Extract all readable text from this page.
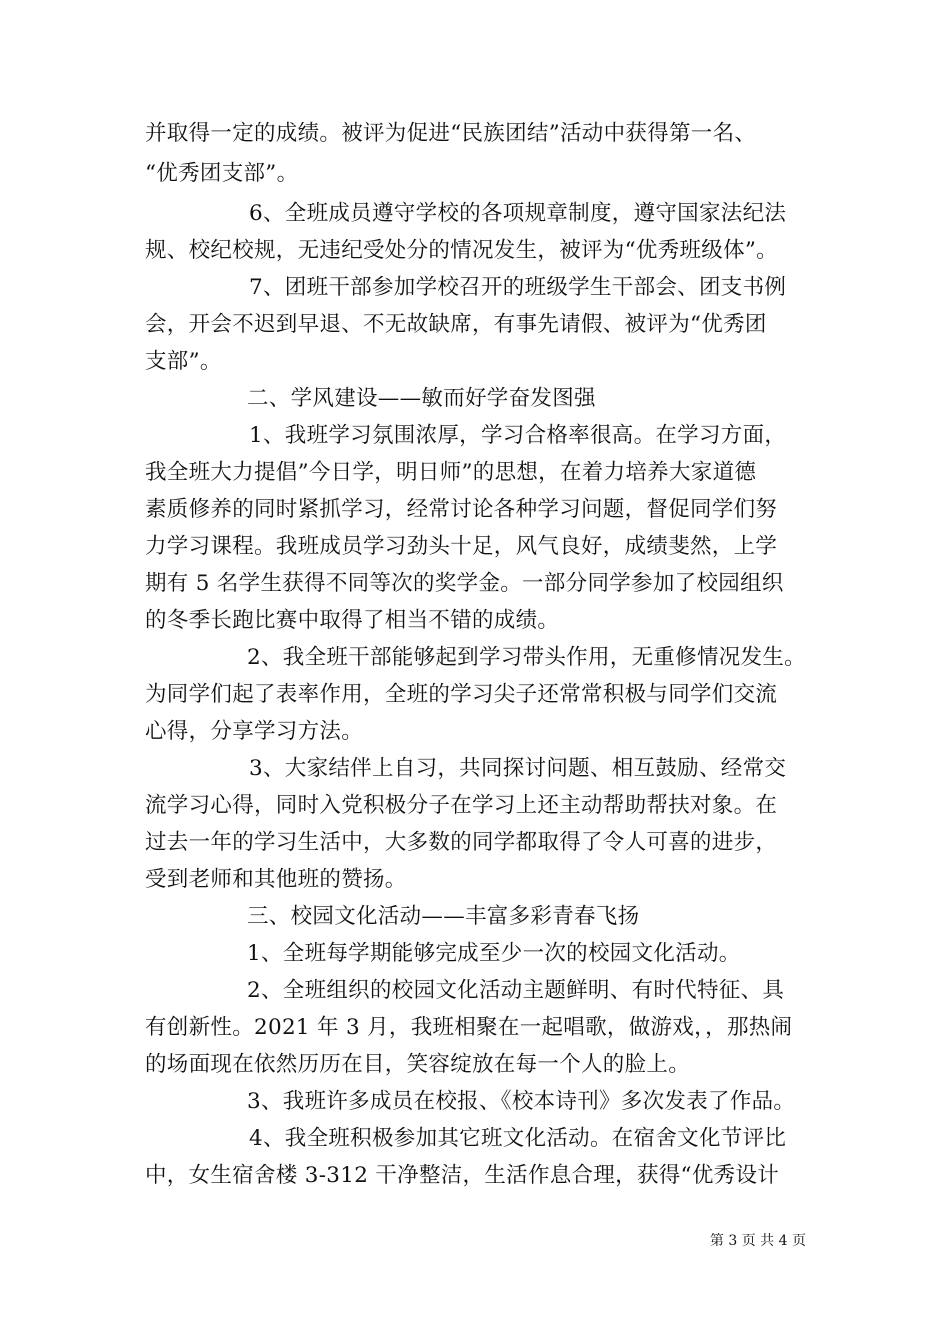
并取得一定的成绩。被评为促进“民族团结”活动中获得第一名、
“优秀团支部”。
6、全班成员遵守学校的各项规章制度，遵守国家法纪法
规、校纪校规，无违纪受处分的情况发生，被评为“优秀班级体”。
7、团班干部参加学校召开的班级学生干部会、团支书例
会，开会不迟到早退、不无故缺席，有事先请假、被评为“优秀团
支部”。
二、学风建设——敏而好学奋发图强
1、我班学习氛围浓厚，学习合格率很高。在学习方面，
我全班大力提倡”今日学，明日师”的思想，在着力培养大家道德
素质修养的同时紧抓学习，经常讨论各种学习问题，督促同学们努
力学习课程。我班成员学习劲头十足，风气良好，成绩斐然，上学
期有 5 名学生获得不同等次的奖学金。一部分同学参加了校园组织
的冬季长跑比赛中取得了相当不错的成绩。
2、我全班干部能够起到学习带头作用，无重修情况发生。
为同学们起了表率作用，全班的学习尖子还常常积极与同学们交流
心得，分享学习方法。
3、大家结伴上自习，共同探讨问题、相互鼓励、经常交
流学习心得，同时入党积极分子在学习上还主动帮助帮扶对象。在
过去一年的学习生活中，大多数的同学都取得了令人可喜的进步，
受到老师和其他班的赞扬。
三、校园文化活动——丰富多彩青春飞扬
1、全班每学期能够完成至少一次的校园文化活动。
2、全班组织的校园文化活动主题鲜明、有时代特征、具
有创新性。2021 年 3 月，我班相聚在一起唱歌，做游戏，，那热闹
的场面现在依然历历在目，笑容绽放在每一个人的脸上。
3、我班许多成员在校报、《校本诗刊》多次发表了作品。
4、我全班积极参加其它班文化活动。在宿舍文化节评比
中，女生宿舍楼 3-312 干净整洁，生活作息合理，获得“优秀设计
第 3 页 共 4 页
